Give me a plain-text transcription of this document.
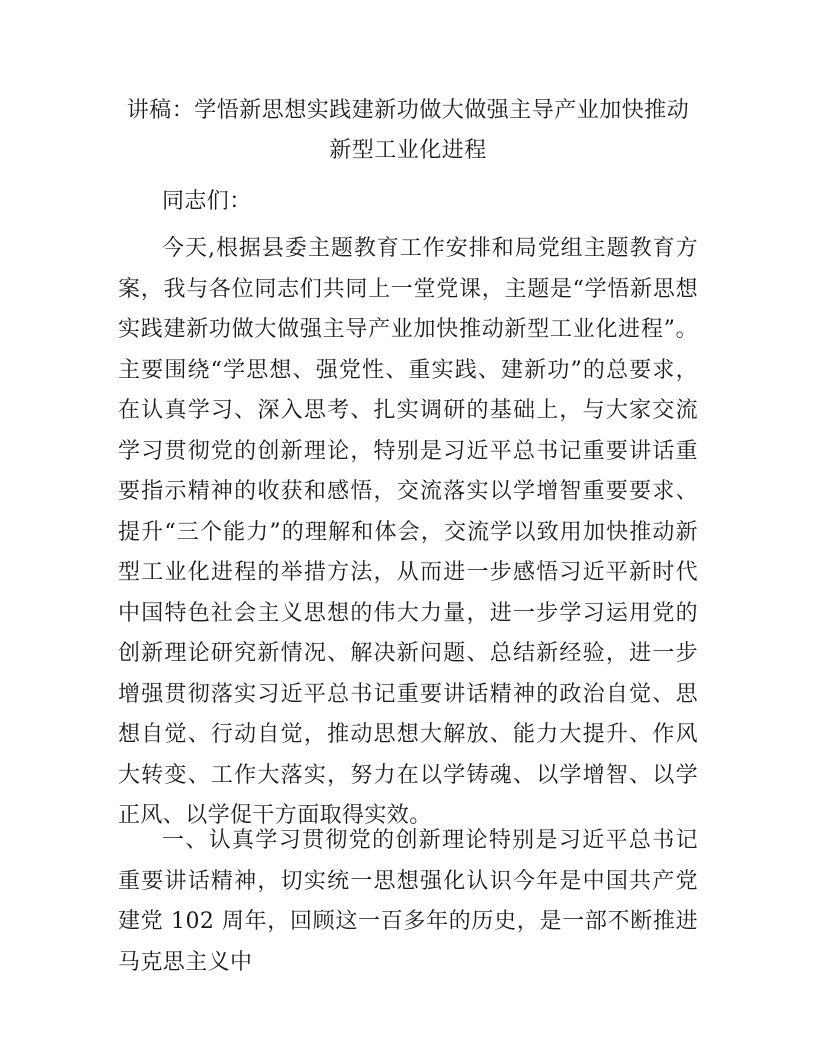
讲稿：学悟新思想实践建新功做大做强主导产业加快推动新型工业化进程

同志们：

今天,根据县委主题教育工作安排和局党组主题教育方案，我与各位同志们共同上一堂党课，主题是“学悟新思想实践建新功做大做强主导产业加快推动新型工业化进程”。主要围绕“学思想、强党性、重实践、建新功”的总要求，在认真学习、深入思考、扎实调研的基础上，与大家交流学习贯彻党的创新理论，特别是习近平总书记重要讲话重要指示精神的收获和感悟，交流落实以学增智重要要求、提升“三个能力”的理解和体会，交流学以致用加快推动新型工业化进程的举措方法，从而进一步感悟习近平新时代中国特色社会主义思想的伟大力量，进一步学习运用党的创新理论研究新情况、解决新问题、总结新经验，进一步增强贯彻落实习近平总书记重要讲话精神的政治自觉、思想自觉、行动自觉，推动思想大解放、能力大提升、作风大转变、工作大落实，努力在以学铸魂、以学增智、以学正风、以学促干方面取得实效。

一、认真学习贯彻党的创新理论特别是习近平总书记重要讲话精神，切实统一思想强化认识今年是中国共产党建党 102 周年，回顾这一百多年的历史，是一部不断推进马克思主义中
